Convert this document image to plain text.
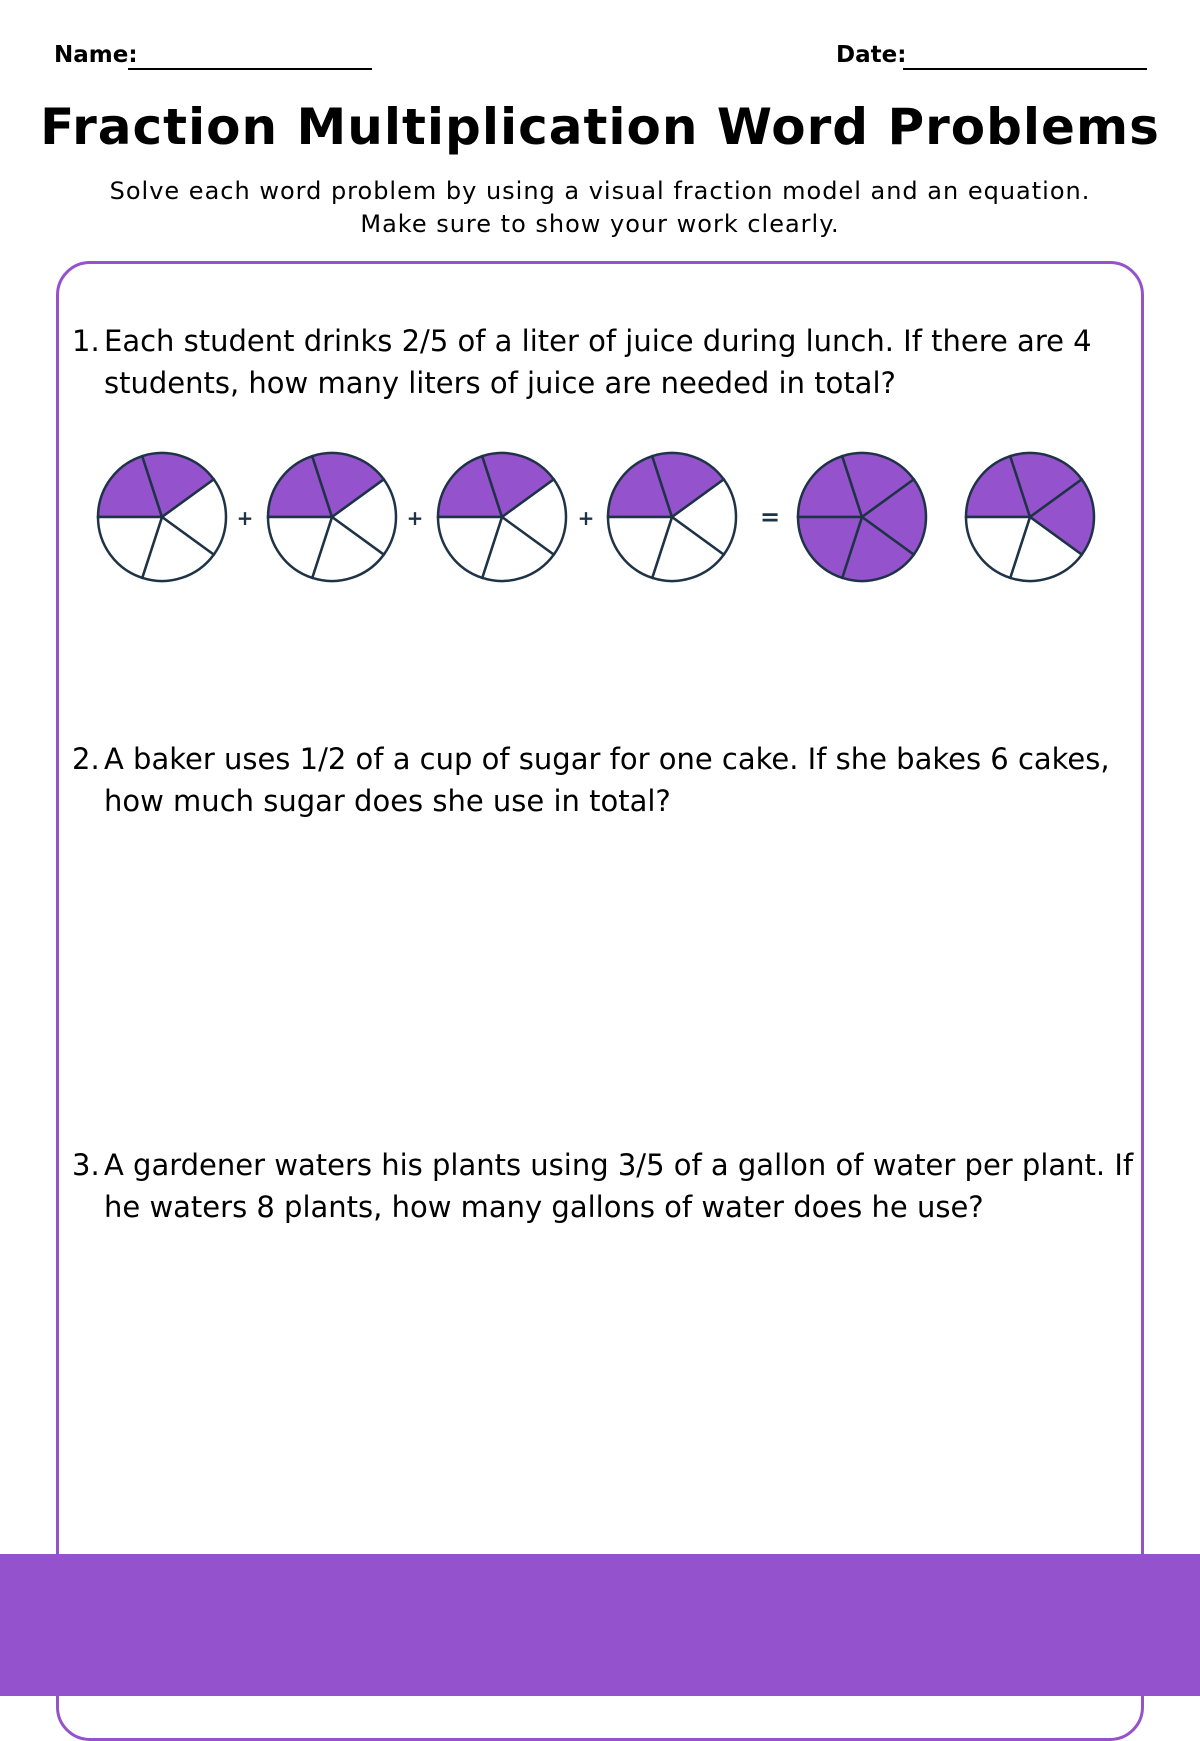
Name:	Date:
Fraction Multiplication Word Problems
Solve each word problem by using a visual fraction model and an equation.
Make sure to show your work clearly.
1. Each student drinks 2/5 of a liter of juice during lunch. If there are 4 students, how many liters of juice are needed in total?
+	+	+	=
2. A baker uses 1/2 of a cup of sugar for one cake. If she bakes 6 cakes, how much sugar does she use in total?
3. A gardener waters his plants using 3/5 of a gallon of water per plant. If he waters 8 plants, how many gallons of water does he use?
